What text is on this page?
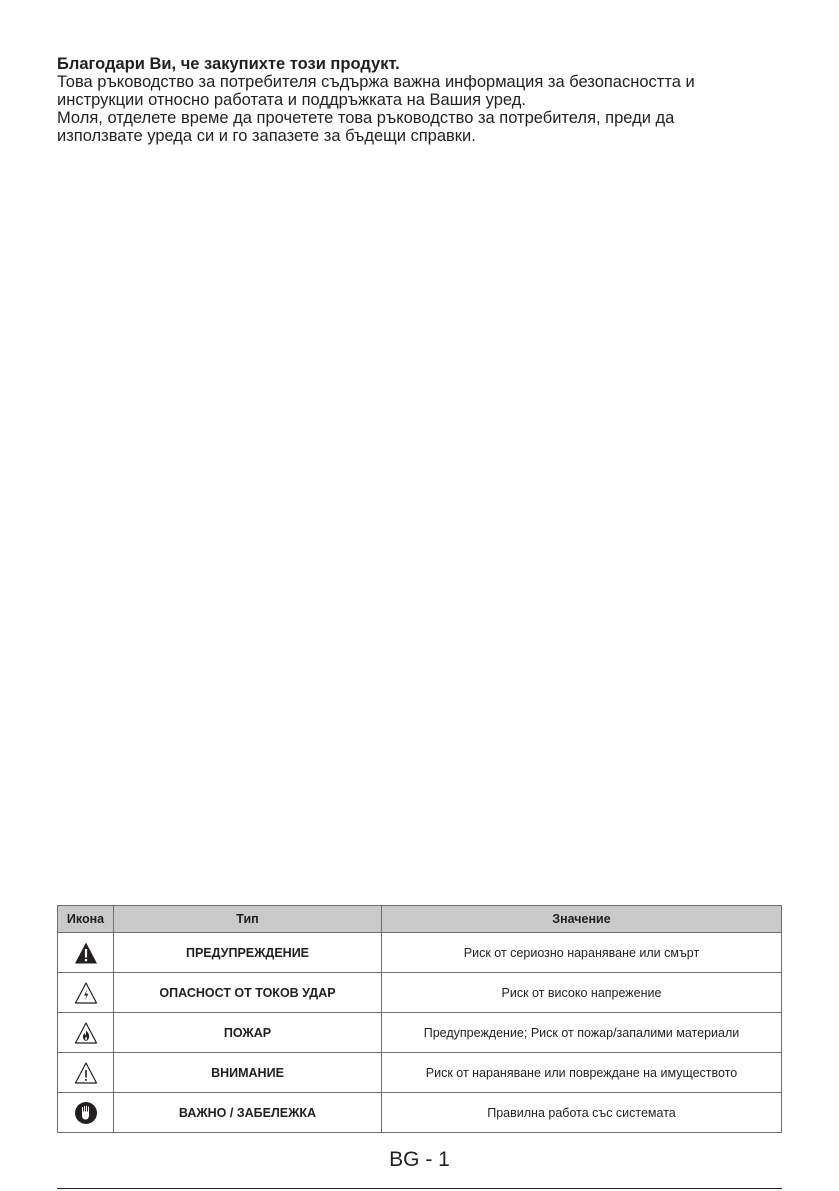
Благодари Ви, че закупихте този продукт.

Това ръководство за потребителя съдържа важна информация за безопасността и

инструкции относно работата и поддръжката на Вашия уред.

Моля, отделете време да прочетете това ръководство за потребителя, преди да

използвате уреда си и го запазете за бъдещи справки.

Икона	Тип	Значение

	ПРЕДУПРЕЖДЕНИЕ	Риск от сериозно нараняване или смърт

	ОПАСНОСТ ОТ ТОКОВ УДАР	Риск от високо напрежение

	ПОЖАР	Предупреждение; Риск от пожар/запалими материали

	ВНИМАНИЕ	Риск от нараняване или повреждане на имуществото

	ВАЖНО / ЗАБЕЛЕЖКА	Правилна работа със системата
BG - 1
